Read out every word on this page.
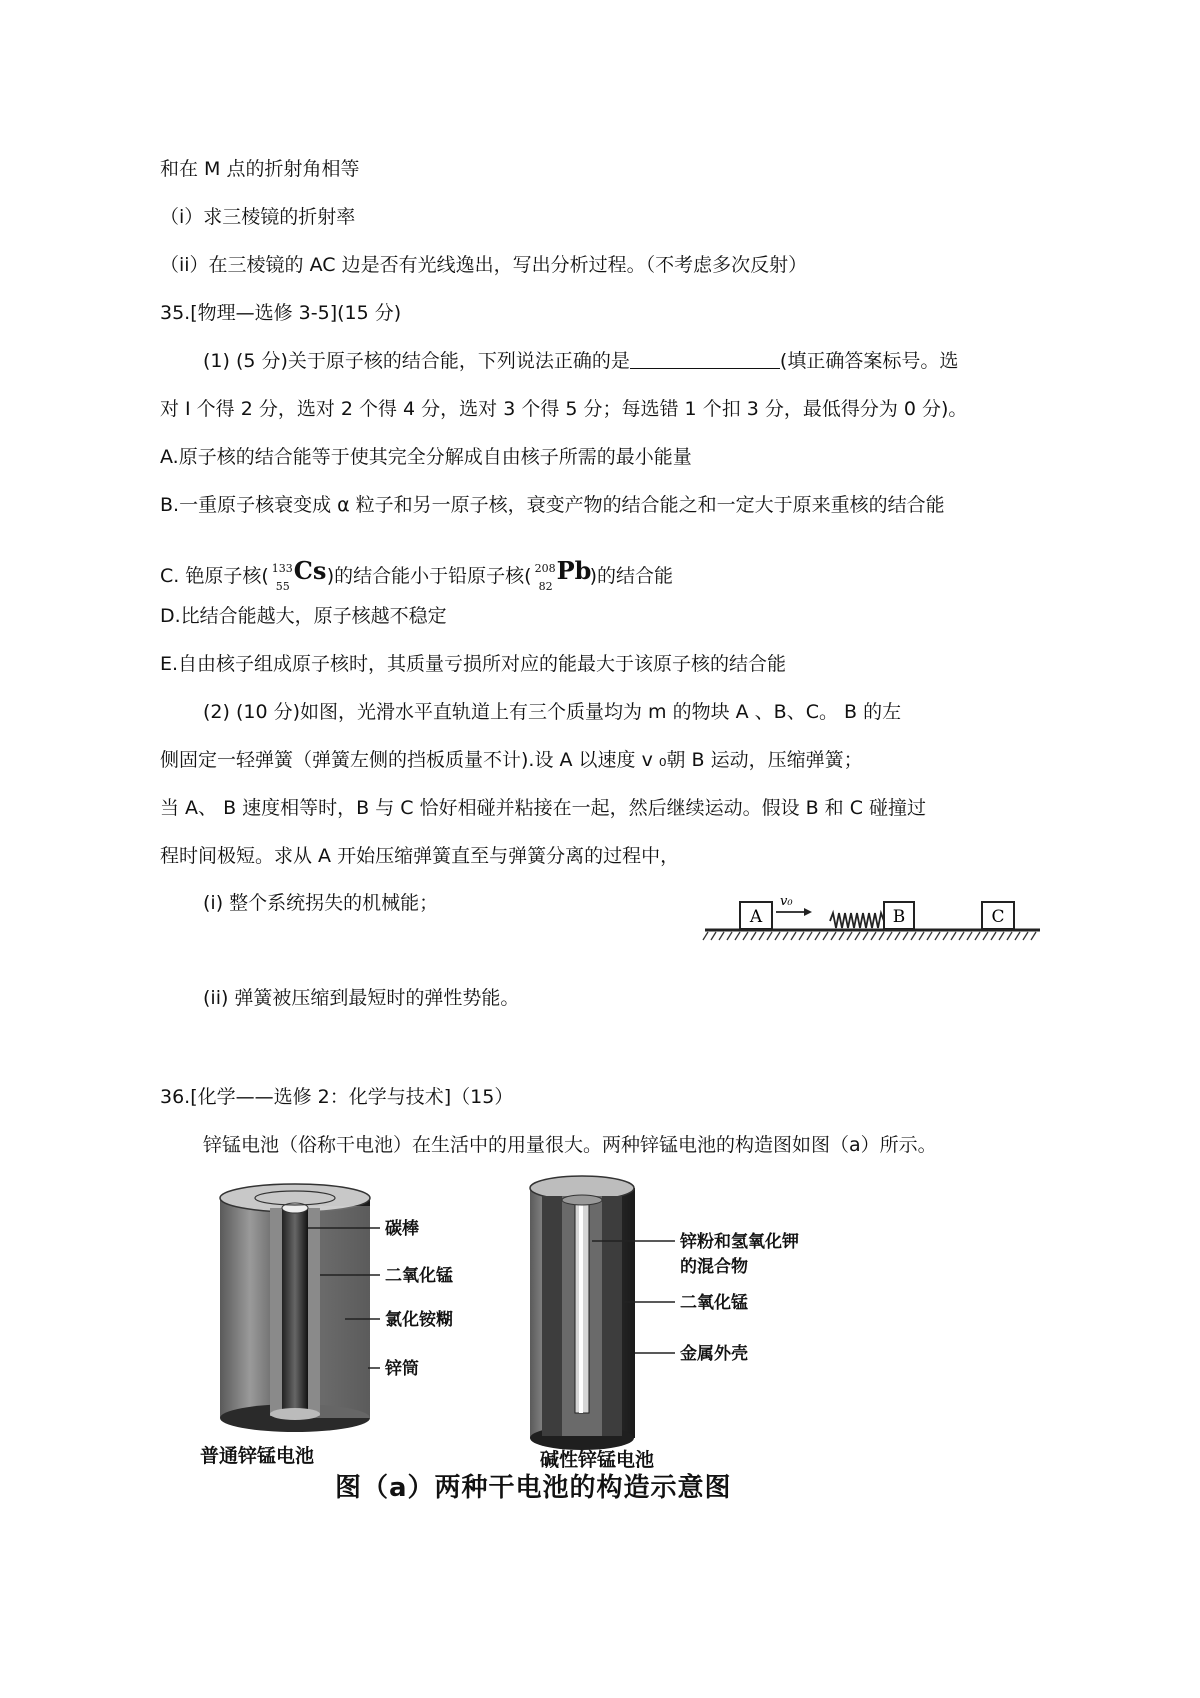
和在 M 点的折射角相等
（i）求三棱镜的折射率
（ii）在三棱镜的 AC 边是否有光线逸出，写出分析过程。（不考虑多次反射）
35.[物理—选修 3-5](15 分)
(1) (5 分)关于原子核的结合能，下列说法正确的是	(填正确答案标号。选
对 I 个得 2 分，选对 2 个得 4 分，选对 3 个得 5 分；每选错 1 个扣 3 分，最低得分为 0 分)。
A.原子核的结合能等于使其完全分解成自由核子所需的最小能量
B.一重原子核衰变成 α 粒子和另一原子核，衰变产物的结合能之和一定大于原来重核的结合能
C. 铯原子核( 133
55
Cs )的结合能小于铅原子核( 208
82
Pb
)的结合能
D.比结合能越大，原子核越不稳定
E.自由核子组成原子核时，其质量亏损所对应的能最大于该原子核的结合能
(2) (10 分)如图，光滑水平直轨道上有三个质量均为 m 的物块 A 、B、C。 B 的左
侧固定一轻弹簧（弹簧左侧的挡板质量不计).设 A 以速度 v ₀朝 B 运动，压缩弹簧；
当 A、 B 速度相等时，B 与 C 恰好相碰并粘接在一起，然后继续运动。假设 B 和 C 碰撞过
程时间极短。求从 A 开始压缩弹簧直至与弹簧分离的过程中，
(i) 整个系统拐失的机械能；
(ii) 弹簧被压缩到最短时的弹性势能。
A
v₀
B	C
36.[化学——选修 2：化学与技术]（15）
锌锰电池（俗称干电池）在生活中的用量很大。两种锌锰电池的构造图如图（a）所示。
碳棒
二氧化锰
氯化铵糊
锌筒
普通锌锰电池
锌粉和氢氧化钾
的混合物
二氧化锰
金属外壳
碱性锌锰电池
图（a）两种干电池的构造示意图
